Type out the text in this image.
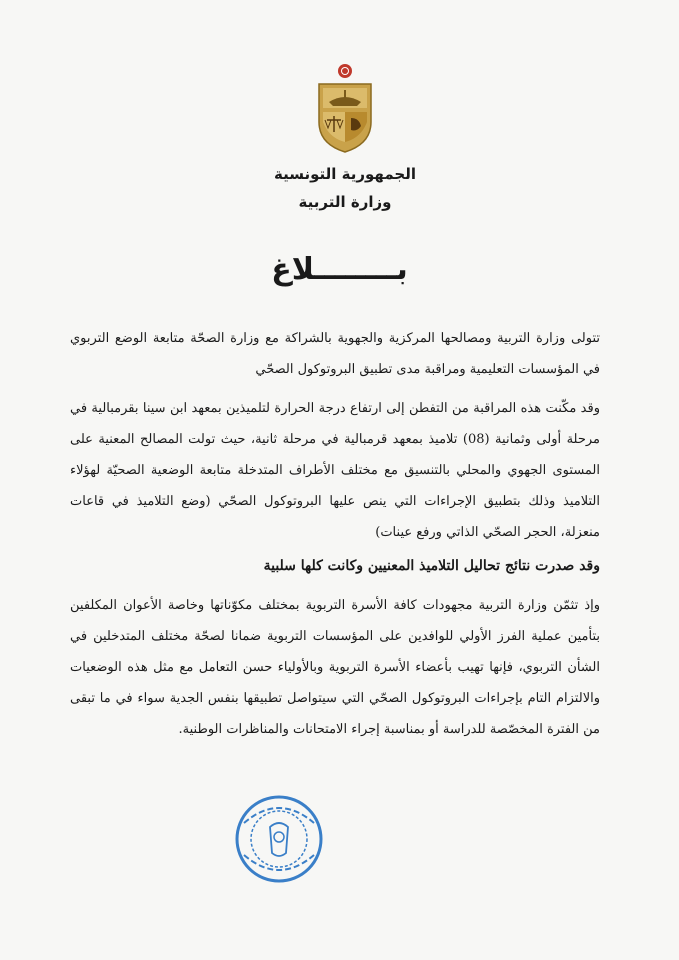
الجمهورية التونسية
وزارة التربية
بــــــــلاغ
تتولى وزارة التربية ومصالحها المركزية والجهوية بالشراكة مع وزارة الصحّة متابعة الوضع التربوي في المؤسسات التعليمية ومراقبة مدى تطبيق البروتوكول الصحّي
وقد مكّنت هذه المراقبة من التفطن إلى ارتفاع درجة الحرارة لتلميذين بمعهد ابن سينا بقرمبالية في مرحلة أولى وثمانية (08) تلاميذ بمعهد قرمبالية في مرحلة ثانية، حيث تولت المصالح المعنية على المستوى الجهوي والمحلي بالتنسيق مع مختلف الأطراف المتدخلة متابعة الوضعية الصحيّة لهؤلاء التلاميذ وذلك بتطبيق الإجراءات التي ينص عليها البروتوكول الصحّي (وضع التلاميذ في قاعات منعزلة، الحجر الصحّي الذاتي ورفع عينات)
وقد صدرت نتائج تحاليل التلاميذ المعنيين وكانت كلها سلبية
وإذ تثمّن وزارة التربية مجهودات كافة الأسرة التربوية بمختلف مكوّناتها وخاصة الأعوان المكلفين بتأمين عملية الفرز الأولي للوافدين على المؤسسات التربوية ضمانا لصحّة مختلف المتدخلين في الشأن التربوي، فإنها تهيب بأعضاء الأسرة التربوية وبالأولياء حسن التعامل مع مثل هذه الوضعيات والالتزام التام بإجراءات البروتوكول الصحّي التي سيتواصل تطبيقها بنفس الجدية سواء في ما تبقى من الفترة المخصّصة للدراسة أو بمناسبة إجراء الامتحانات والمناظرات الوطنية.
